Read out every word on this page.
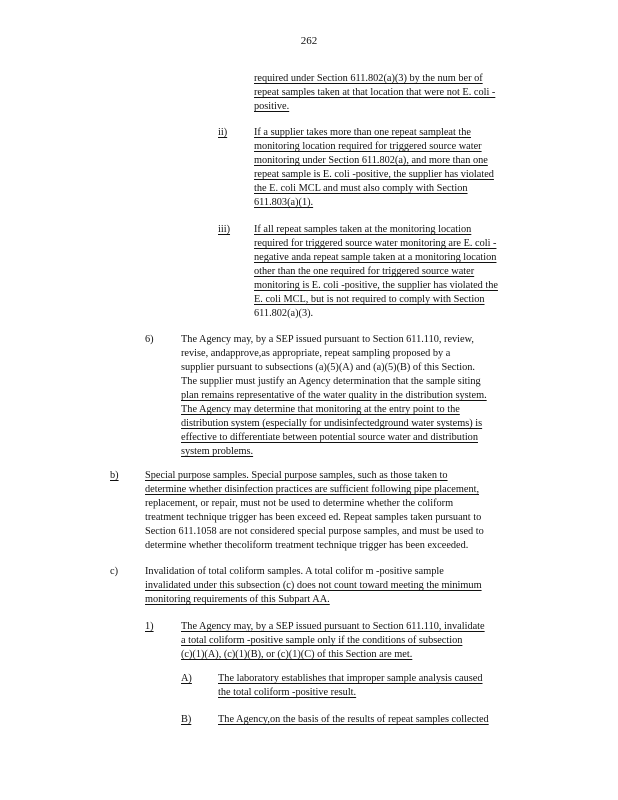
262
required under Section 611.802(a)(3) by the num ber of
repeat samples taken at that location that were not E. coli -
positive.
ii)	If a supplier takes more than one repeat sampleat the
monitoring location required for triggered source water
monitoring under Section 611.802(a), and more than one
repeat sample is E. coli -positive, the supplier has violated
the E. coli MCL and must also comply with Section
611.803(a)(1).
iii) If all repeat samples taken at the monitoring location
required for triggered source water monitoring are E. coli -
negative anda repeat sample taken at a monitoring location
other than the one required for triggered source water
monitoring is E. coli -positive, the supplier has violated the
E. coli MCL, but is not required to comply with Section
611.802(a)(3).
6)	The Agency may, by a SEP issued pursuant to Section 611.110, review,
revise, andapprove,as appropriate, repeat sampling proposed by a
supplier pursuant to subsections (a)(5)(A) and (a)(5)(B) of this Section.
The supplier must justify an Agency determination that the sample siting
plan remains representative of the water quality in the distribution system.
The Agency may determine that monitoring at the entry point to the
distribution system (especially for undisinfectedground water systems) is
effective to differentiate between potential source water and distribution
system problems.
b)	Special purpose samples. Special purpose samples, such as those taken to
determine whether disinfection practices are sufficient following pipe placement,
replacement, or repair, must not be used to determine whether the coliform
treatment technique trigger has been exceed ed. Repeat samples taken pursuant to
Section 611.1058 are not considered special purpose samples, and must be used to
determine whether thecoliform treatment technique trigger has been exceeded.
c)	Invalidation of total coliform samples. A total colifor m -positive sample
invalidated under this subsection (c) does not count toward meeting the minimum
monitoring requirements of this Subpart AA.
1)	The Agency may, by a SEP issued pursuant to Section 611.110, invalidate
a total coliform -positive sample only if the conditions of subsection
(c)(1)(A), (c)(1)(B), or (c)(1)(C) of this Section are met.
A)	The laboratory establishes that improper sample analysis caused
the total coliform -positive result.
B)	The Agency,on the basis of the results of repeat samples collected
